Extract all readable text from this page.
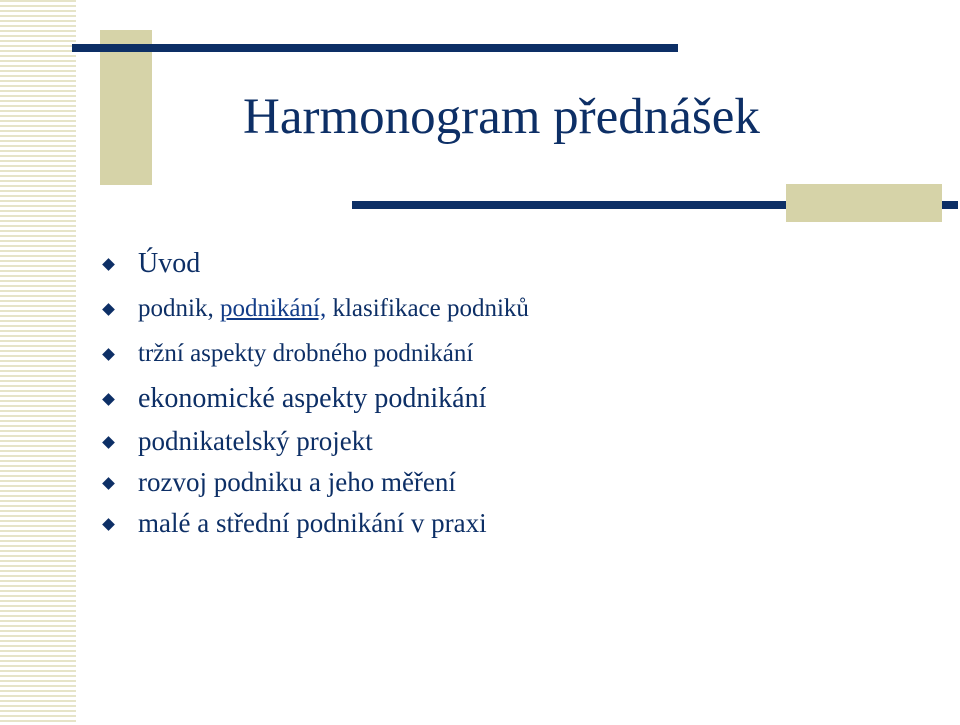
Harmonogram přednášek
Úvod
podnik, podnikání, klasifikace podniků
tržní aspekty drobného podnikání
ekonomické aspekty podnikání
podnikatelský projekt
rozvoj podniku a jeho měření
malé a střední podnikání v praxi
